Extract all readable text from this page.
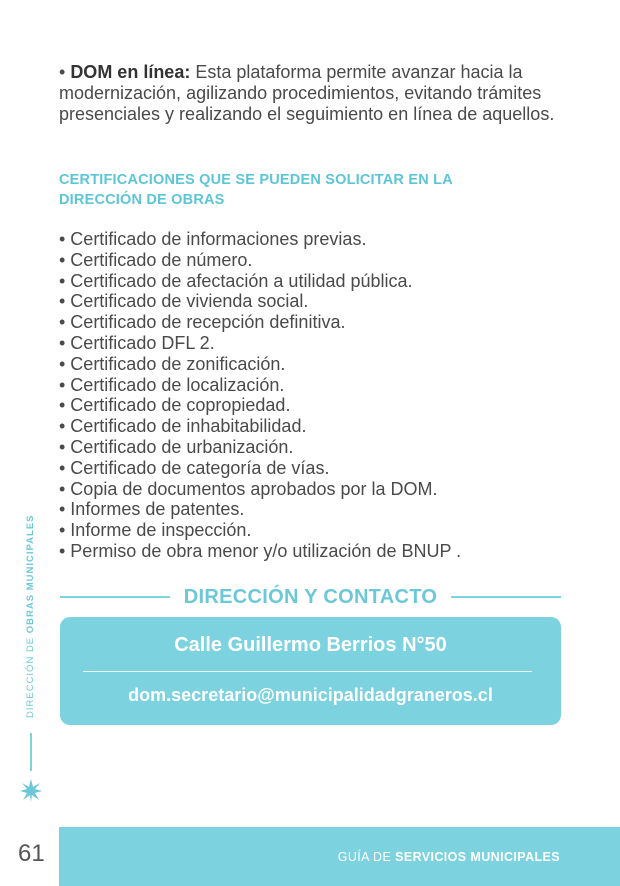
• DOM en línea: Esta plataforma permite avanzar hacia la modernización, agilizando procedimientos, evitando trámites presenciales y realizando el seguimiento en línea de aquellos.

CERTIFICACIONES QUE SE PUEDEN SOLICITAR EN LA
DIRECCIÓN DE OBRAS
• Certificado de informaciones previas.
• Certificado de número.
• Certificado de afectación a utilidad pública.
• Certificado de vivienda social.
• Certificado de recepción definitiva.
• Certificado DFL 2.
• Certificado de zonificación.
• Certificado de localización.
• Certificado de copropiedad.
• Certificado de inhabitabilidad.
• Certificado de urbanización.
• Certificado de categoría de vías.
• Copia de documentos aprobados por la DOM.
• Informes de patentes.
• Informe de inspección.
• Permiso de obra menor y/o utilización de BNUP .
DIRECCIÓN Y CONTACTO
Calle Guillermo Berrios N°50
dom.secretario@municipalidadgraneros.cl
DIRECCIÓN DE OBRAS MUNICIPALES
61	GUÍA DE SERVICIOS MUNICIPALES
